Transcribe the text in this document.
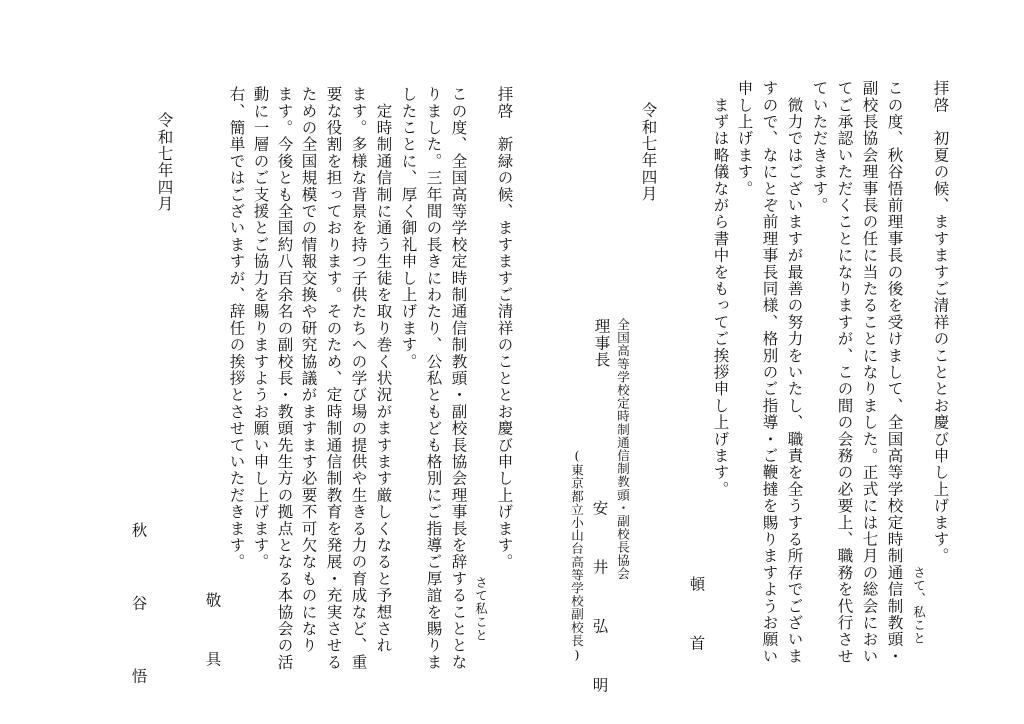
拝啓　初夏の候、ますますご清祥のこととお慶び申し上げます。
さて、私こと
この度、秋谷悟前理事長の後を受けまして、全国高等学校定時制通信制教頭・
副校長協会理事長の任に当たることになりました。正式には七月の総会におい
てご承認いただくことになりますが、この間の会務の必要上、職務を代行させ
ていただきます。
　微力ではございますが最善の努力をいたし、職責を全うする所存でございま
すので、なにとぞ前理事長同様、格別のご指導・ご鞭撻を賜りますようお願い
申し上げます。
　まずは略儀ながら書中をもってご挨拶申し上げます。
頓　首
令和七年四月
全国高等学校定時制通信制教頭・副校長協会
理事長
安　井　弘　明
(東京都立小山台高等学校副校長)
拝啓　新緑の候、ますますご清祥のこととお慶び申し上げます。
さて私こと
この度、全国高等学校定時制通信制教頭・副校長協会理事長を辞することとな
りました。三年間の長きにわたり、公私ともども格別にご指導ご厚誼を賜りま
したことに、厚く御礼申し上げます。
　定時制通信制に通う生徒を取り巻く状況がますます厳しくなると予想され
ます。多様な背景を持つ子供たちへの学び場の提供や生きる力の育成など、重
要な役割を担っております。そのため、定時制通信制教育を発展・充実させる
ための全国規模での情報交換や研究協議がますます必要不可欠なものになり
ます。今後とも全国約八百余名の副校長・教頭先生方の拠点となる本協会の活
動に一層のご支援とご協力を賜りますようお願い申し上げます。
右、簡単ではございますが、辞任の挨拶とさせていただきます。
敬　具
令和七年四月
秋　谷　悟
